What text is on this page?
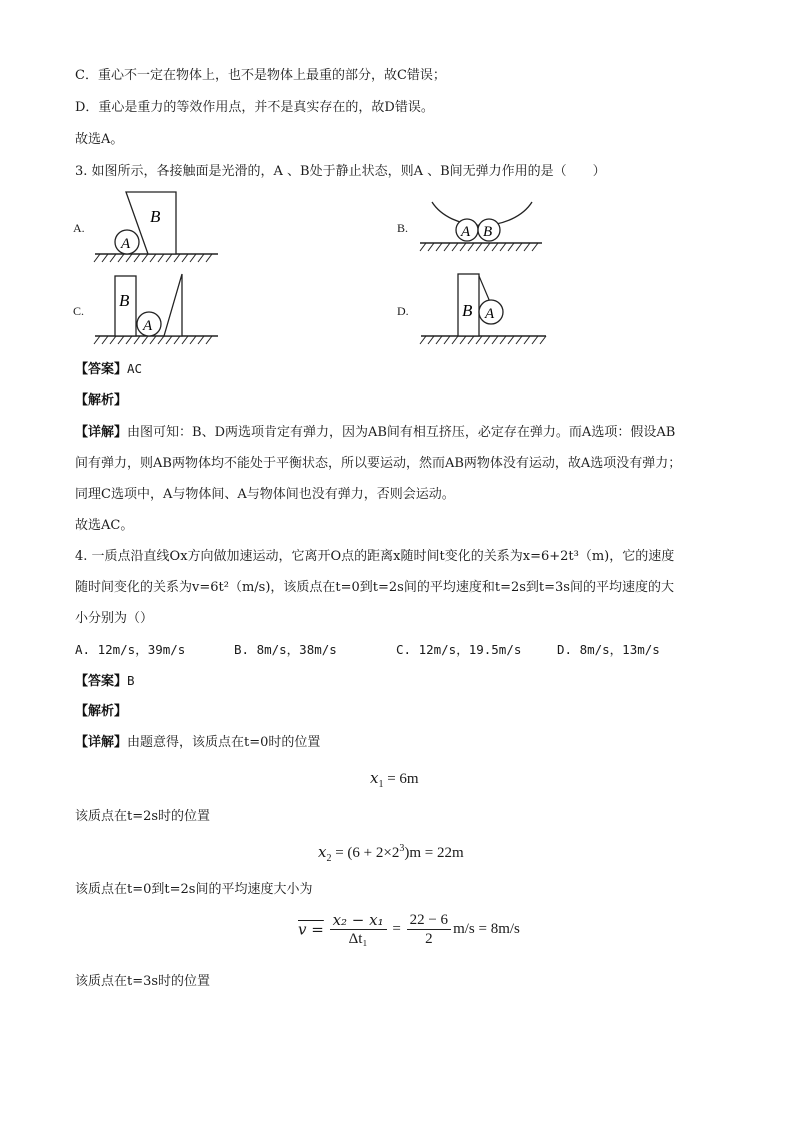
C．重心不一定在物体上，也不是物体上最重的部分，故C错误；
D．重心是重力的等效作用点，并不是真实存在的，故D错误。
故选A。
3. 如图所示，各接触面是光滑的，A 、B处于静止状态，则A 、B间无弹力作用的是（　　）
A.	B.
C.	D.
B
A
A B
B
A
B A
【答案】AC
【解析】
【详解】由图可知：B、D两选项肯定有弹力，因为AB间有相互挤压，必定存在弹力。而A选项：假设AB
间有弹力，则AB两物体均不能处于平衡状态，所以要运动，然而AB两物体没有运动，故A选项没有弹力；
同理C选项中，A与物体间、A与物体间也没有弹力，否则会运动。
故选AC。
4. 一质点沿直线Ox方向做加速运动，它离开O点的距离x随时间t变化的关系为x=6+2t³（m)，它的速度
随时间变化的关系为v=6t²（m/s)，该质点在t=0到t=2s间的平均速度和t=2s到t=3s间的平均速度的大
小分别为（）
A. 12m/s，39m/s	B. 8m/s，38m/s	C. 12m/s，19.5m/s	D. 8m/s，13m/s
【答案】B
【解析】
【详解】由题意得，该质点在t=0时的位置
$x_1 = 6m$
该质点在t=2s时的位置
$x_2 = (6 + 2\times 2^3)m = 22m$
该质点在t=0到t=2s间的平均速度大小为
$v = \frac{\text{x₂ − x₁}}{\text{Δt₁}} = \frac{22 - 6}{2} m/s = 8m/s$
该质点在t=3s时的位置
